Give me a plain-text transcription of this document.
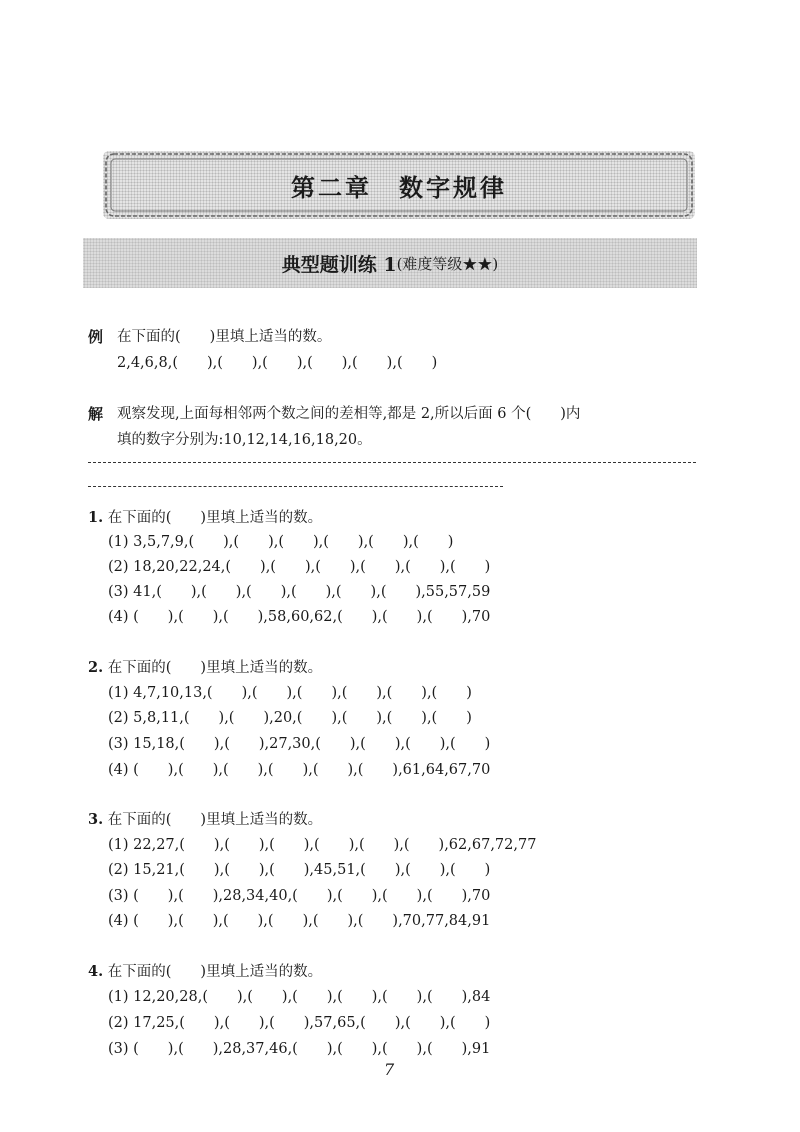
第二章　数字规律
典型题训练 1 (难度等级★★)
例 在下面的(　　)里填上适当的数。
2,4,6,8,(　　),(　　),(　　),(　　),(　　),(　　)
解 观察发现,上面每相邻两个数之间的差相等,都是 2,所以后面 6 个(　　)内
填的数字分别为:10,12,14,16,18,20。
1. 在下面的(　　)里填上适当的数。
(1) 3,5,7,9,(　　),(　　),(　　),(　　),(　　),(　　)
(2) 18,20,22,24,(　　),(　　),(　　),(　　),(　　),(　　)
(3) 41,(　　),(　　),(　　),(　　),(　　),(　　),55,57,59
(4) (　　),(　　),(　　),58,60,62,(　　),(　　),(　　),70
2. 在下面的(　　)里填上适当的数。
(1) 4,7,10,13,(　　),(　　),(　　),(　　),(　　),(　　)
(2) 5,8,11,(　　),(　　),20,(　　),(　　),(　　),(　　)
(3) 15,18,(　　),(　　),27,30,(　　),(　　),(　　),(　　)
(4) (　　),(　　),(　　),(　　),(　　),(　　),61,64,67,70
3. 在下面的(　　)里填上适当的数。
(1) 22,27,(　　),(　　),(　　),(　　),(　　),(　　),62,67,72,77
(2) 15,21,(　　),(　　),(　　),45,51,(　　),(　　),(　　)
(3) (　　),(　　),28,34,40,(　　),(　　),(　　),(　　),70
(4) (　　),(　　),(　　),(　　),(　　),(　　),70,77,84,91
4. 在下面的(　　)里填上适当的数。
(1) 12,20,28,(　　),(　　),(　　),(　　),(　　),(　　),84
(2) 17,25,(　　),(　　),(　　),57,65,(　　),(　　),(　　)
(3) (　　),(　　),28,37,46,(　　),(　　),(　　),(　　),91
7
